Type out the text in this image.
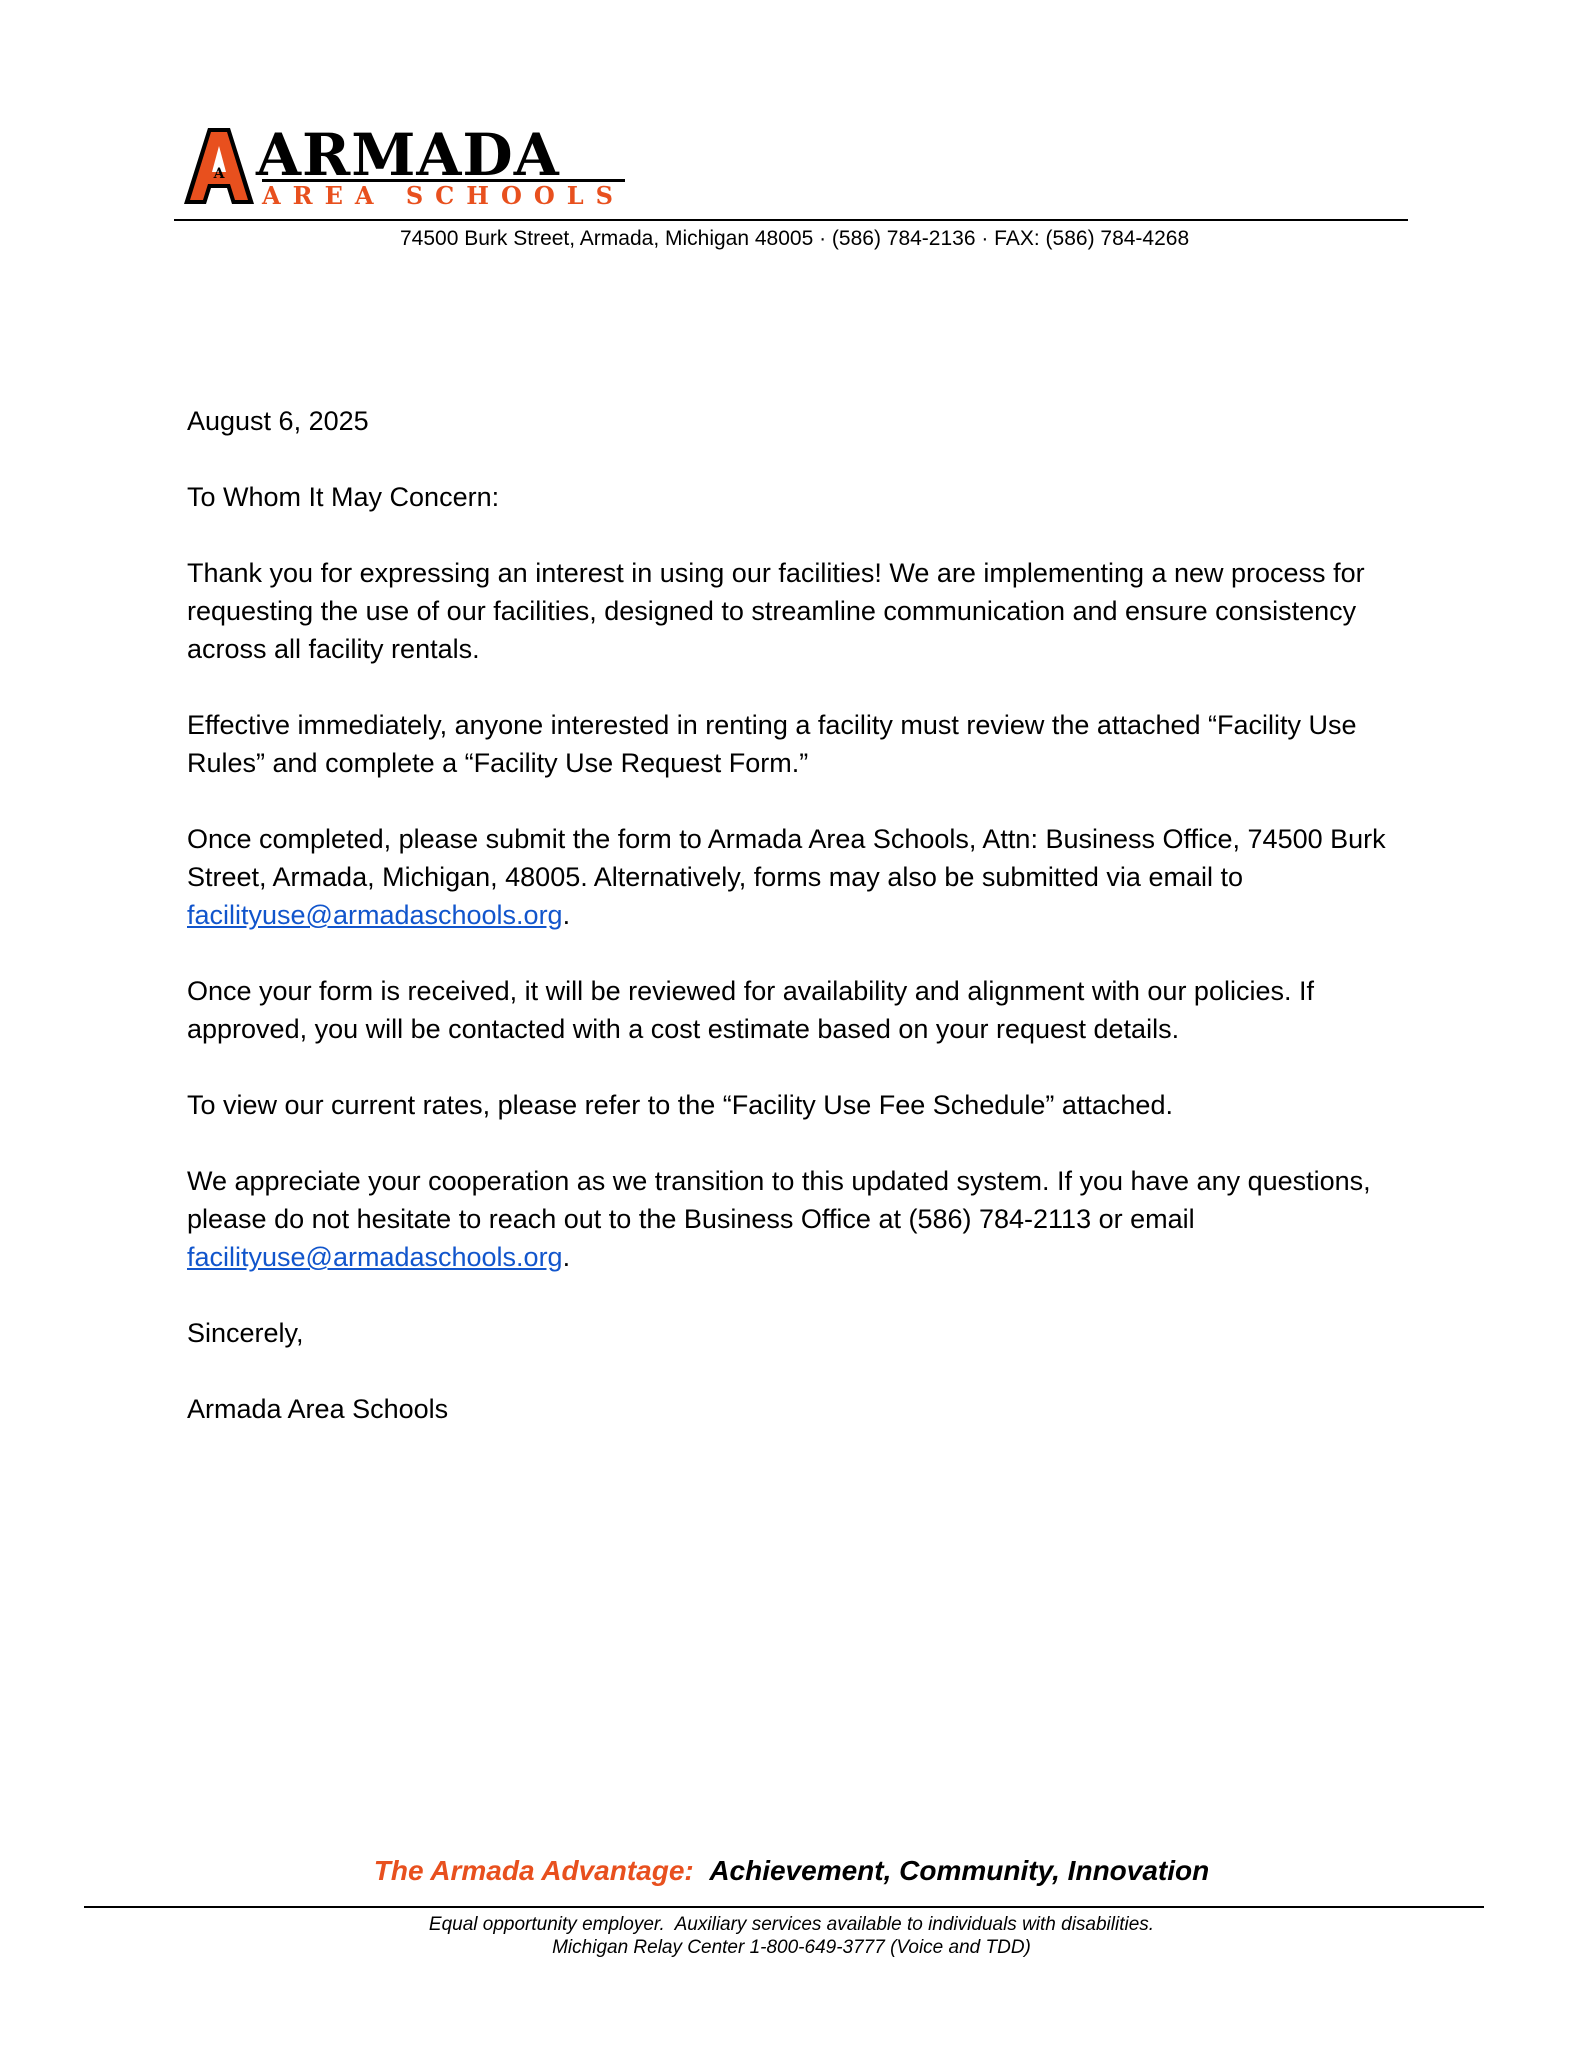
A ARMADA
AREA SCHOOLS
74500 Burk Street, Armada, Michigan 48005 · (586) 784-2136 · FAX: (586) 784-4268

August 6, 2025

To Whom It May Concern:

Thank you for expressing an interest in using our facilities! We are implementing a new process for requesting the use of our facilities, designed to streamline communication and ensure consistency across all facility rentals.

Effective immediately, anyone interested in renting a facility must review the attached “Facility Use Rules” and complete a “Facility Use Request Form.”

Once completed, please submit the form to Armada Area Schools, Attn: Business Office, 74500 Burk Street, Armada, Michigan, 48005. Alternatively, forms may also be submitted via email to facilityuse@armadaschools.org.

Once your form is received, it will be reviewed for availability and alignment with our policies. If approved, you will be contacted with a cost estimate based on your request details.

To view our current rates, please refer to the “Facility Use Fee Schedule” attached.

We appreciate your cooperation as we transition to this updated system. If you have any questions, please do not hesitate to reach out to the Business Office at (586) 784-2113 or email facilityuse@armadaschools.org.

Sincerely,

Armada Area Schools

The Armada Advantage: Achievement, Community, Innovation
Equal opportunity employer.  Auxiliary services available to individuals with disabilities.
Michigan Relay Center 1-800-649-3777 (Voice and TDD)
